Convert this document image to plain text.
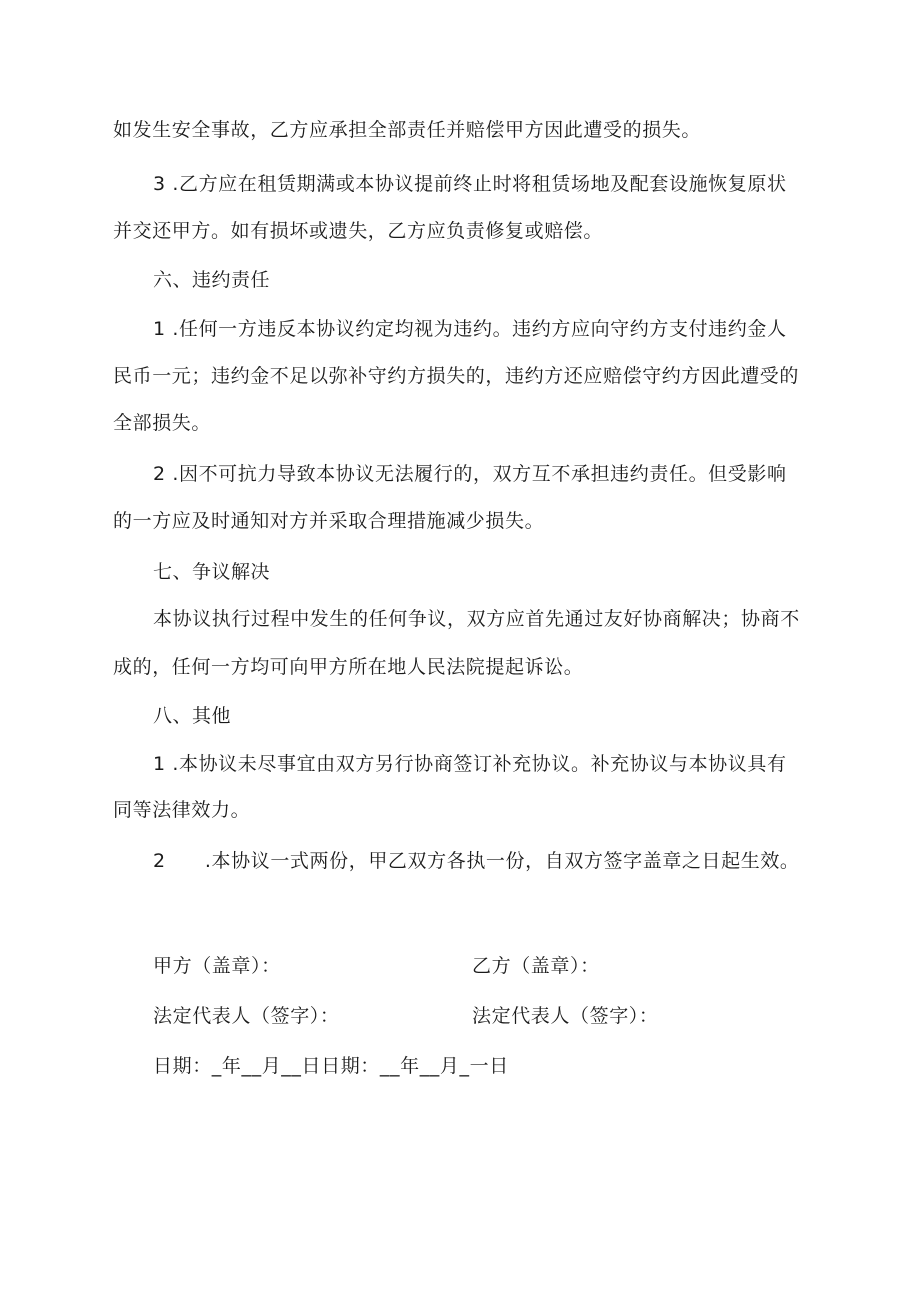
如发生安全事故，乙方应承担全部责任并赔偿甲方因此遭受的损失。
3 .乙方应在租赁期满或本协议提前终止时将租赁场地及配套设施恢复原状
并交还甲方。如有损坏或遗失，乙方应负责修复或赔偿。
六、违约责任
1 .任何一方违反本协议约定均视为违约。违约方应向守约方支付违约金人
民币一元；违约金不足以弥补守约方损失的，违约方还应赔偿守约方因此遭受的
全部损失。
2 .因不可抗力导致本协议无法履行的，双方互不承担违约责任。但受影响
的一方应及时通知对方并采取合理措施减少损失。
七、争议解决
本协议执行过程中发生的任何争议，双方应首先通过友好协商解决；协商不
成的，任何一方均可向甲方所在地人民法院提起诉讼。
八、其他
1 .本协议未尽事宜由双方另行协商签订补充协议。补充协议与本协议具有
同等法律效力。
2　　.本协议一式两份，甲乙双方各执一份，自双方签字盖章之日起生效。
甲方（盖章）：	乙方（盖章）：
法定代表人（签字）：	法定代表人（签字）：
日期：_年__月__日日期：__年__月_一日
